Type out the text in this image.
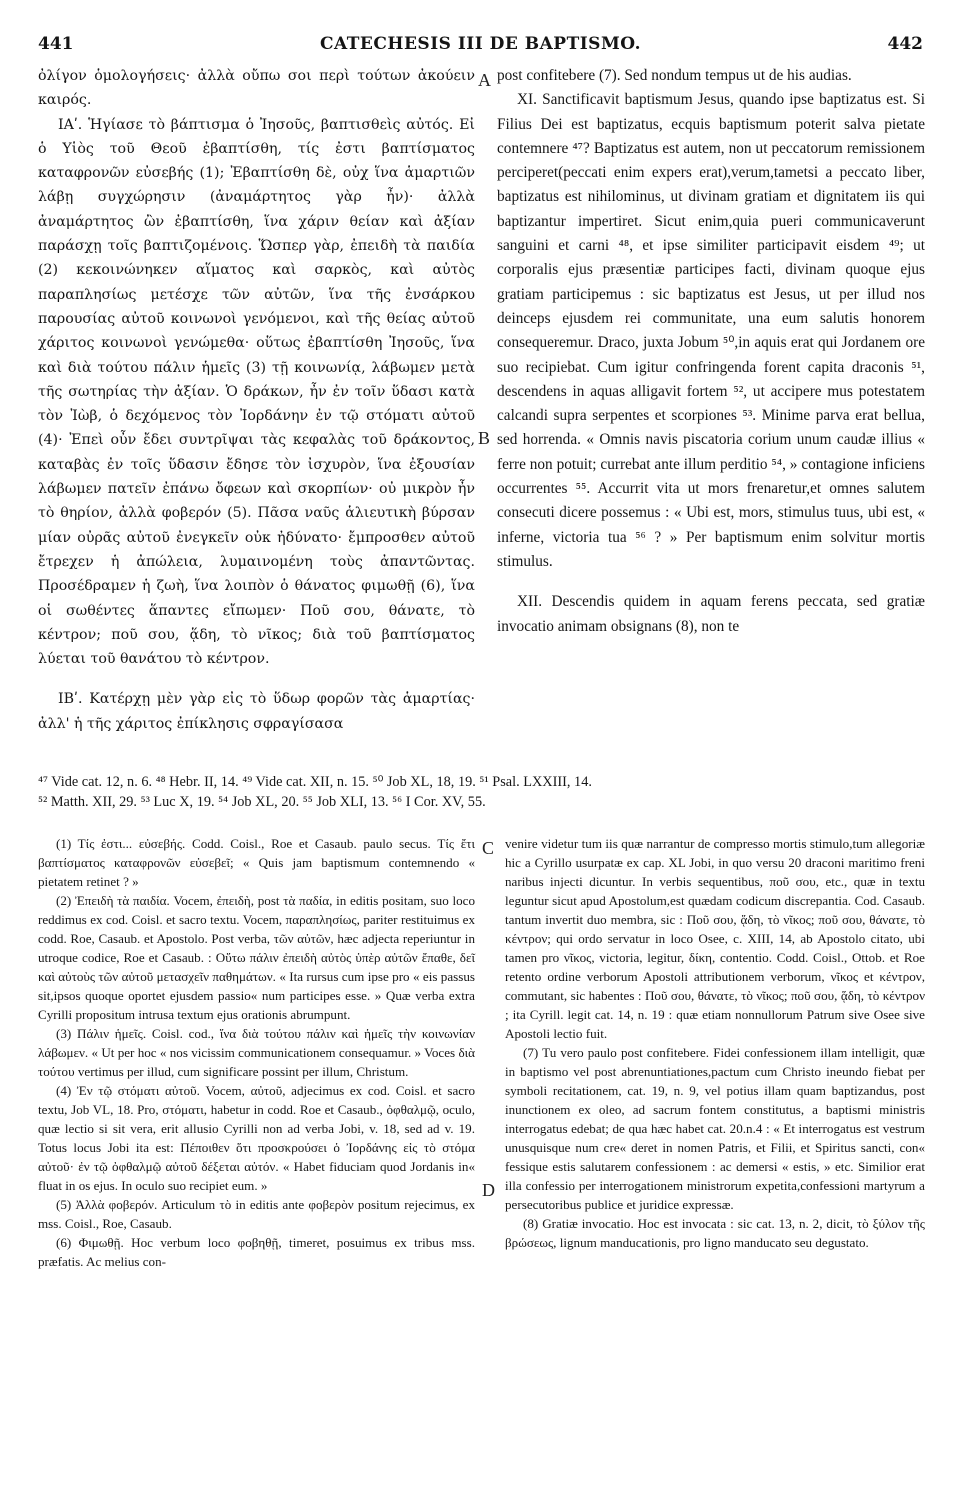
441	CATECHESIS III DE BAPTISMO.	442

ὀλίγον ὁμολογήσεις· ἀλλὰ οὔπω σοι περὶ τούτων ἀκούειν καιρός.

ΙΑʹ. Ἡγίασε τὸ βάπτισμα ὁ Ἰησοῦς, βαπτισθεὶς αὐτός. Εἰ ὁ Υἱὸς τοῦ Θεοῦ ἐβαπτίσθη, τίς ἐστι βαπτίσματος καταφρονῶν εὐσεβής (1); Ἐβαπτίσθη δὲ, οὐχ ἵνα ἁμαρτιῶν λάβῃ συγχώρησιν (ἀναμάρτητος γὰρ ἦν)· ἀλλὰ ἀναμάρτητος ὢν ἐβαπτίσθη, ἵνα χάριν θείαν καὶ ἀξίαν παράσχῃ τοῖς βαπτιζομένοις. Ὥσπερ γὰρ, ἐπειδὴ τὰ παιδία (2) κεκοινώνηκεν αἵματος καὶ σαρκὸς, καὶ αὐτὸς παραπλησίως μετέσχε τῶν αὐτῶν, ἵνα τῆς ἐνσάρκου παρουσίας αὐτοῦ κοινωνοὶ γενόμενοι, καὶ τῆς θείας αὐτοῦ χάριτος κοινωνοὶ γενώμεθα· οὕτως ἐβαπτίσθη Ἰησοῦς, ἵνα καὶ διὰ τούτου πάλιν ἡμεῖς (3) τῇ κοινωνίᾳ, λάβωμεν μετὰ τῆς σωτηρίας τὴν ἀξίαν. Ὁ δράκων, ἦν ἐν τοῖν ὕδασι κατὰ τὸν Ἰὼβ, ὁ δεχόμενος τὸν Ἰορδάνην ἐν τῷ στόματι αὐτοῦ (4)· Ἐπεὶ οὖν ἔδει συντρῖψαι τὰς κεφαλὰς τοῦ δράκοντος, καταβὰς ἐν τοῖς ὕδασιν ἔδησε τὸν ἰσχυρὸν, ἵνα ἐξουσίαν λάβωμεν πατεῖν ἐπάνω ὄφεων καὶ σκορπίων· οὐ μικρὸν ἦν τὸ θηρίον, ἀλλὰ φοβερόν (5). Πᾶσα ναῦς ἁλιευτικὴ βύρσαν μίαν οὐρᾶς αὐτοῦ ἐνεγκεῖν οὐκ ἠδύνατο· ἔμπροσθεν αὐτοῦ ἔτρεχεν ἡ ἀπώλεια, λυμαινομένη τοὺς ἀπαντῶντας. Προσέδραμεν ἡ ζωὴ, ἵνα λοιπὸν ὁ θάνατος φιμωθῇ (6), ἵνα οἱ σωθέντες ἅπαντες εἴπωμεν· Ποῦ σου, θάνατε, τὸ κέντρον; ποῦ σου, ᾅδη, τὸ νῖκος; διὰ τοῦ βαπτίσματος λύεται τοῦ θανάτου τὸ κέντρον.

ΙΒʹ. Κατέρχῃ μὲν γὰρ εἰς τὸ ὕδωρ φορῶν τὰς ἁμαρτίας· ἀλλ' ἡ τῆς χάριτος ἐπίκλησις σφραγίσασα

post confitebere (7). Sed nondum tempus ut de his audias.

XI. Sanctificavit baptismum Jesus, quando ipse baptizatus est. Si Filius Dei est baptizatus, ecquis baptismum poterit salva pietate contemnere ⁴⁷? Baptizatus est autem, non ut peccatorum remissionem perciperet(peccati enim expers erat),verum,tametsi a peccato liber, baptizatus est nihilominus, ut divinam gratiam et dignitatem iis qui baptizantur impertiret. Sicut enim,quia pueri communicaverunt sanguini et carni ⁴⁸, et ipse similiter participavit eisdem ⁴⁹; ut corporalis ejus præsentiæ participes facti, divinam quoque ejus gratiam participemus : sic baptizatus est Jesus, ut per illud nos deinceps ejusdem rei communitate, una eum salutis honorem consequeremur. Draco, juxta Jobum ⁵⁰,in aquis erat qui Jordanem ore suo recipiebat. Cum igitur confringenda forent capita draconis ⁵¹, descendens in aquas alligavit fortem ⁵², ut accipere mus potestatem calcandi supra serpentes et scorpiones ⁵³. Minime parva erat bellua, sed horrenda. « Omnis navis piscatoria corium unum caudæ illius « ferre non potuit; currebat ante illum perditio ⁵⁴, » contagione inficiens occurrentes ⁵⁵. Accurrit vita ut mors frenaretur,et omnes salutem consecuti dicere possemus : « Ubi est, mors, stimulus tuus, ubi est, « inferne, victoria tua ⁵⁶ ? » Per baptismum enim solvitur mortis stimulus.

XII. Descendis quidem in aquam ferens peccata, sed gratiæ invocatio animam obsignans (8), non te

A
B
C
D
⁴⁷ Vide cat. 12, n. 6. ⁴⁸ Hebr. II, 14. ⁴⁹ Vide cat. XII, n. 15. ⁵⁰ Job XL, 18, 19. ⁵¹ Psal. LXXIII, 14.
⁵² Matth. XII, 29. ⁵³ Luc X, 19. ⁵⁴ Job XL, 20. ⁵⁵ Job XLI, 13. ⁵⁶ I Cor. XV, 55.

(1) Τίς ἐστι... εὐσεβής. Codd. Coisl., Roe et Casaub. paulo secus. Τίς ἔτι βαπτίσματος καταφρονῶν εὐσεβεῖ; « Quis jam baptismum contemnendo « pietatem retinet ? »

(2) Ἐπειδὴ τὰ παιδία. Vocem, ἐπειδὴ, post τὰ παδία, in editis positam, suo loco reddimus ex cod. Coisl. et sacro textu. Vocem, παραπλησίως, pariter restituimus ex codd. Roe, Casaub. et Apostolo. Post verba, τῶν αὐτῶν, hæc adjecta reperiuntur in utroque codice, Roe et Casaub. : Οὕτω πάλιν ἐπειδὴ αὐτὸς ὑπὲρ αὐτῶν ἔπαθε, δεῖ καὶ αὐτοὺς τῶν αὐτοῦ μετασχεῖν παθημάτων. « Ita rursus cum ipse pro « eis passus sit,ipsos quoque oportet ejusdem passio« num participes esse. » Quæ verba extra Cyrilli propositum intrusa textum ejus orationis abrumpunt.

(3) Πάλιν ἡμεῖς. Coisl. cod., ἵνα διὰ τούτου πάλιν καὶ ἡμεῖς τὴν κοινωνίαν λάβωμεν. « Ut per hoc « nos vicissim communicationem consequamur. » Voces διὰ τούτου vertimus per illud, cum significare possint per illum, Christum.

(4) Ἐν τῷ στόματι αὐτοῦ. Vocem, αὐτοῦ, adjecimus ex cod. Coisl. et sacro textu, Job VL, 18. Pro, στόματι, habetur in codd. Roe et Casaub., ὀφθαλμῷ, oculo, quæ lectio si sit vera, erit allusio Cyrilli non ad verba Jobi, v. 18, sed ad v. 19. Totus locus Jobi ita est: Πέποιθεν ὅτι προσκρούσει ὁ Ἰορδάνης εἰς τὸ στόμα αὐτοῦ· ἐν τῷ ὀφθαλμῷ αὐτοῦ δέξεται αὐτόν. « Habet fiduciam quod Jordanis in« fluat in os ejus. In oculo suo recipiet eum. »

(5) Ἀλλὰ φοβερόν. Articulum τὸ in editis ante φοβερὸν positum rejecimus, ex mss. Coisl., Roe, Casaub.

(6) Φιμωθῇ. Hoc verbum loco φοβηθῇ, timeret, posuimus ex tribus mss. præfatis. Ac melius con-

venire videtur tum iis quæ narrantur de compresso mortis stimulo,tum allegoriæ hic a Cyrillo usurpatæ ex cap. XL Jobi, in quo versu 20 draconi maritimo freni naribus injecti dicuntur. In verbis sequentibus, ποῦ σου, etc., quæ in textu leguntur sicut apud Apostolum,est quædam codicum discrepantia. Cod. Casaub. tantum invertit duo membra, sic : Ποῦ σου, ᾅδη, τὸ νῖκος; ποῦ σου, θάνατε, τὸ κέντρον; qui ordo servatur in loco Osee, c. XIII, 14, ab Apostolo citato, ubi tamen pro νῖκος, victoria, legitur, δίκη, contentio. Codd. Coisl., Ottob. et Roe retento ordine verborum Apostoli attributionem verborum, νῖκος et κέντρον, commutant, sic habentes : Ποῦ σου, θάνατε, τὸ νῖκος; ποῦ σου, ᾅδη, τὸ κέντρον ; ita Cyrill. legit cat. 14, n. 19 : quæ etiam nonnullorum Patrum sive Osee sive Apostoli lectio fuit.

(7) Tu vero paulo post confitebere. Fidei confessionem illam intelligit, quæ in baptismo vel post abrenuntiationes,pactum cum Christo ineundo fiebat per symboli recitationem, cat. 19, n. 9, vel potius illam quam baptizandus, post inunctionem ex oleo, ad sacrum fontem constitutus, a baptismi ministris interrogatus edebat; de qua hæc habet cat. 20.n.4 : « Et interrogatus est vestrum unusquisque num cre« deret in nomen Patris, et Filii, et Spiritus sancti, con« fessique estis salutarem confessionem : ac demersi « estis, » etc. Similior erat illa confessio per interrogationem ministrorum expetita,confessioni martyrum a persecutoribus publice et juridice expressæ.

(8) Gratiæ invocatio. Hoc est invocata : sic cat. 13, n. 2, dicit, τὸ ξύλον τῆς βρώσεως, lignum manducationis, pro ligno manducato seu degustato.
